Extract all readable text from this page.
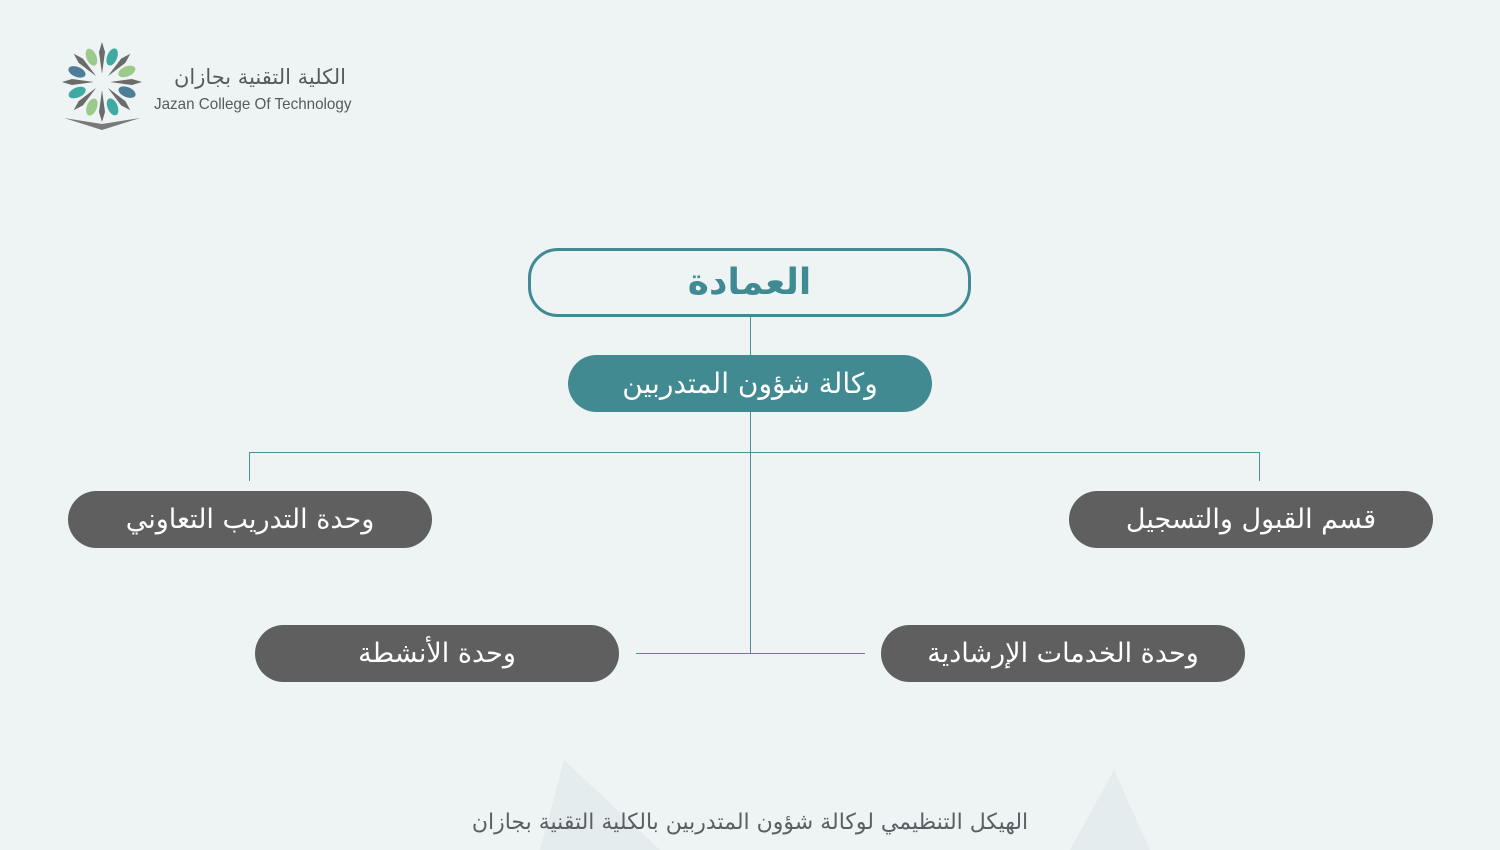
الكلية التقنية بجازان
Jazan College Of Technology
العمادة
وكالة شؤون المتدربين
قسم القبول والتسجيل
وحدة التدريب التعاوني
وحدة الخدمات الإرشادية
وحدة الأنشطة
الهيكل التنظيمي لوكالة شؤون المتدربين بالكلية التقنية بجازان
